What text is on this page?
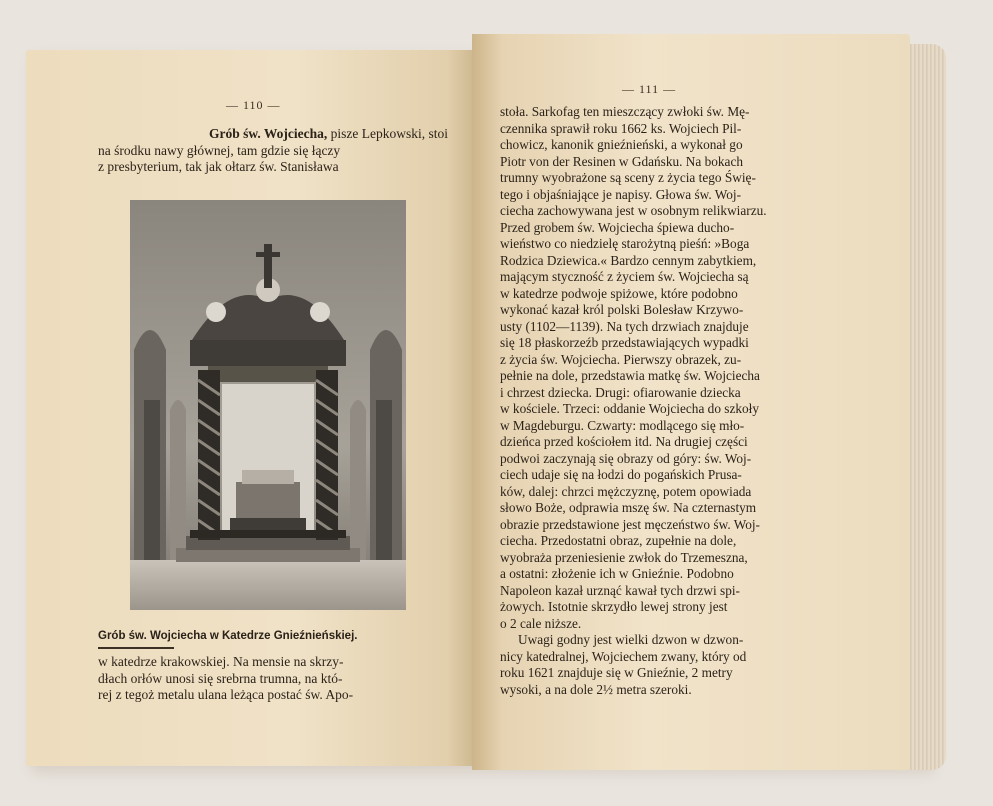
— 110 —
Grób św. Wojciecha, pisze Lepkowski, stoi
na środku nawy głównej, tam gdzie się łączy
z presbyterium, tak jak ołtarz św. Stanisława
Grób św. Wojciecha w Katedrze Gnieźnieńskiej.
w katedrze krakowskiej. Na mensie na skrzy-
dłach orłów unosi się srebrna trumna, na któ-
rej z tegoż metalu ulana leżąca postać św. Apo-
— 111 —
stoła. Sarkofag ten mieszczący zwłoki św. Mę-
czennika sprawił roku 1662 ks. Wojciech Pil-
chowicz, kanonik gnieźnieński, a wykonał go
Piotr von der Resinen w Gdańsku. Na bokach
trumny wyobrażone są sceny z życia tego Świę-
tego i objaśniające je napisy. Głowa św. Woj-
ciecha zachowywana jest w osobnym relikwiarzu.
Przed grobem św. Wojciecha śpiewa ducho-
wieństwo co niedzielę starożytną pieśń: »Boga
Rodzica Dziewica.« Bardzo cennym zabytkiem,
mającym styczność z życiem św. Wojciecha są
w katedrze podwoje spiżowe, które podobno
wykonać kazał król polski Bolesław Krzywo-
usty (1102—1139). Na tych drzwiach znajduje
się 18 płaskorzeźb przedstawiających wypadki
z życia św. Wojciecha. Pierwszy obrazek, zu-
pełnie na dole, przedstawia matkę św. Wojciecha
i chrzest dziecka. Drugi: ofiarowanie dziecka
w kościele. Trzeci: oddanie Wojciecha do szkoły
w Magdeburgu. Czwarty: modlącego się mło-
dzieńca przed kościołem itd. Na drugiej części
podwoi zaczynają się obrazy od góry: św. Woj-
ciech udaje się na łodzi do pogańskich Prusa-
ków, dalej: chrzci mężczyznę, potem opowiada
słowo Boże, odprawia mszę św. Na czternastym
obrazie przedstawione jest męczeństwo św. Woj-
ciecha. Przedostatni obraz, zupełnie na dole,
wyobraża przeniesienie zwłok do Trzemeszna,
a ostatni: złożenie ich w Gnieźnie. Podobno
Napoleon kazał urznąć kawał tych drzwi spi-
żowych. Istotnie skrzydło lewej strony jest
o 2 cale niższe.
Uwagi godny jest wielki dzwon w dzwon-
nicy katedralnej, Wojciechem zwany, który od
roku 1621 znajduje się w Gnieźnie, 2 metry
wysoki, a na dole 2½ metra szeroki.
